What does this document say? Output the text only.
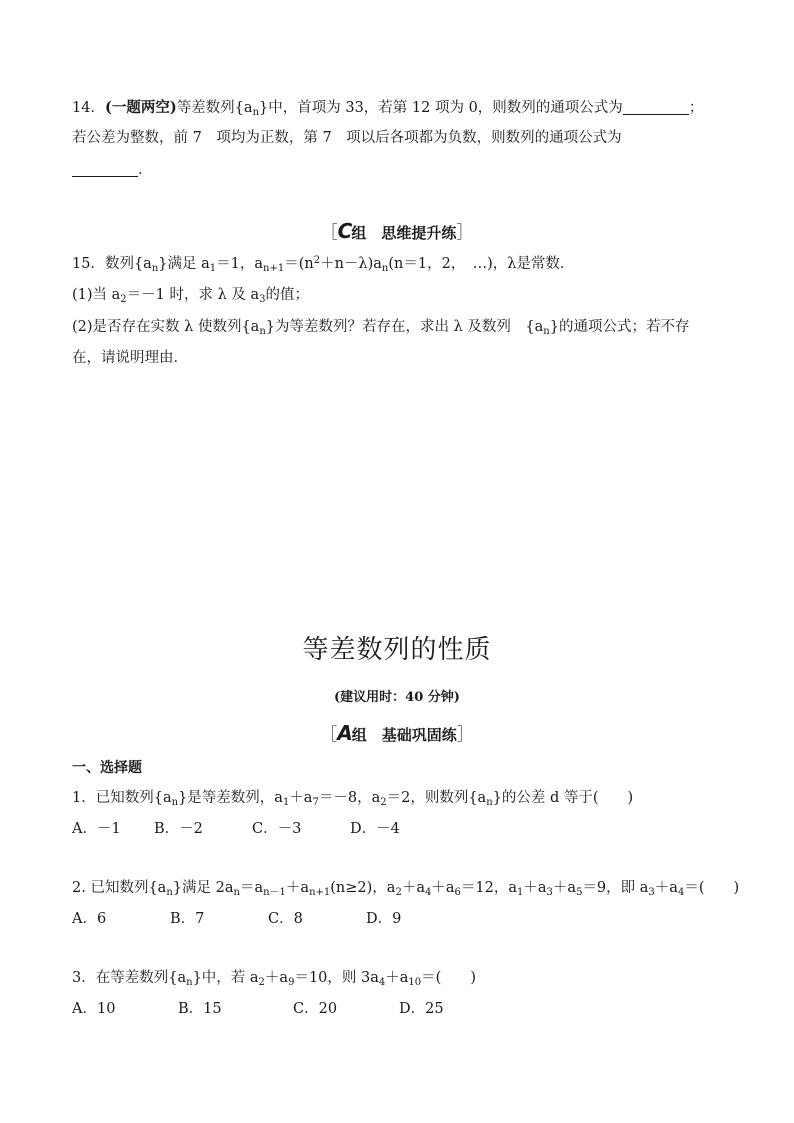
14．(一题两空)等差数列$\{a_n\}$中，首项为 33，若第 12 项为 0，则数列的通项公式为	；
若公差为整数，前 7　项均为正数，第 7　项以后各项都为负数，则数列的通项公式为
．
［C组　思维提升练］
15．数列$\{a_n\}$满足 $a_1=1$，$a_{n+1}=(n^2+n-\lambda)a_n(n=1$，2，　…)，λ是常数．
(1)当 $a_2=-1$ 时，求 λ 及 $a_3$的值；
(2)是否存在实数 λ 使数列$\{a_n\}$为等差数列？若存在，求出 λ 及数列　$\{a_n\}$的通项公式；若不存
在，请说明理由．
等差数列的性质
(建议用时：40 分钟)
［A组　基础巩固练］
一、选择题
1．已知数列$\{a_n\}$是等差数列，$a_1+a_7=-8$，$a_2=2$，则数列$\{a_n\}$的公差 d 等于(　　)
A．－1 B．－2	C．－3	D．－4
2. 已知数列$\{a_n\}$满足 $2a_n=a_{n-1}+a_{n+1}(n\ge 2)$，$a_2+a_4+a_6=12$，$a_1+a_3+a_5=9$，即 $a_3+a_4=$(　　)
A．6	B．7	C．8	D．9
3．在等差数列$\{a_n\}$中，若 $a_2+a_9=10$，则 $3a_4+a_{10}=$(　　)
A．10	B．15	C．20	D．25
